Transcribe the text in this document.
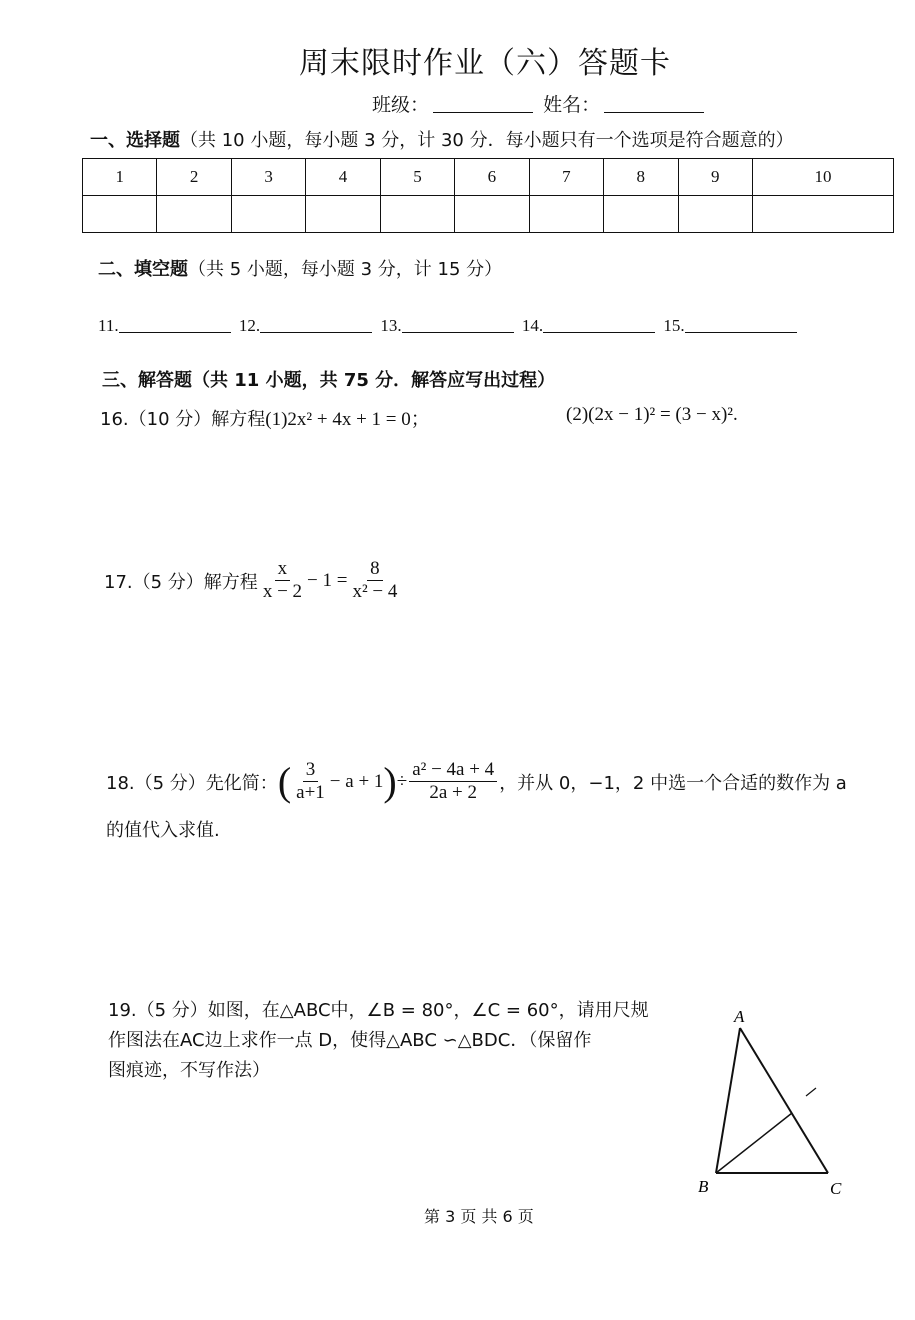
周末限时作业（六）答题卡
班级：	姓名：
一、选择题（共 10 小题，每小题 3 分，计 30 分．每小题只有一个选项是符合题意的）
1	2	3	4	5	6	7	8	9	10

二、填空题（共 5 小题，每小题 3 分，计 15 分）
11.	12.	13.	14.	15.
三、解答题（共 11 小题，共 75 分．解答应写出过程）
16.（10 分）解方程(1)2x² + 4x + 1 = 0；	(2)(2x − 1)² = (3 − x)².
17.（5 分）解方程 $\frac{x}{x - 2} - 1 = \frac{8}{\text{x² − 4}}$
18.（5 分）先化简： ( $\frac{3}{a+1} - a + 1$ ) ÷ $\frac{\text{a² − 4a + 4}}{2a + 2}$ ，并从 0，−1，2 中选一个合适的数作为 a
的值代入求值.
19.（5 分）如图，在△ABC中，∠B = 80°，∠C = 60°，请用尺规
作图法在AC边上求作一点 D，使得△ABC ∽△BDC．（保留作
图痕迹，不写作法）
A
B	C
第 3 页 共 6 页
